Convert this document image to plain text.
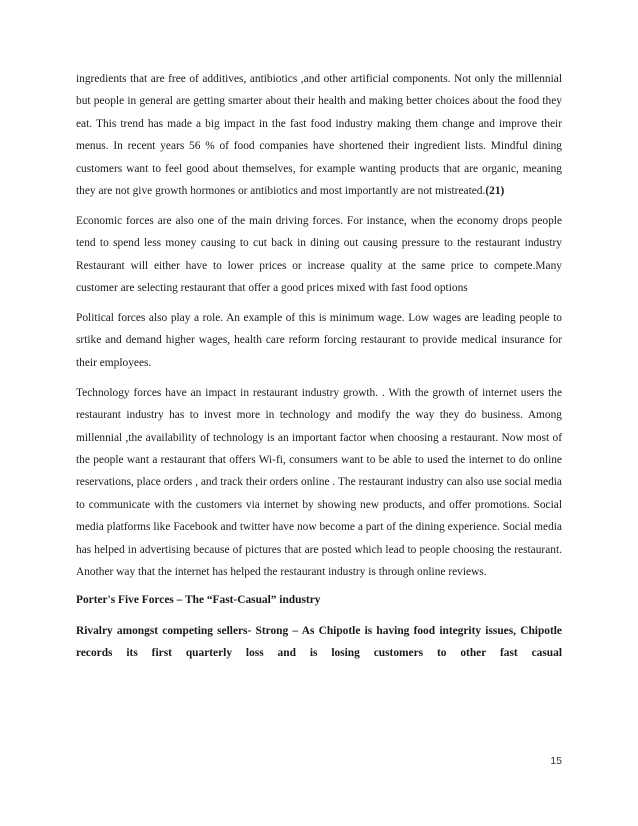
ingredients that are free of additives, antibiotics ,and other artificial components. Not only the millennial but people in general are getting smarter about their health and making better choices about the food they eat. This trend has made a big impact in the fast food industry making them change and improve their menus. In recent years 56 % of food companies have shortened their ingredient lists. Mindful dining customers want to feel good about themselves, for example wanting products that are organic, meaning they are not give growth hormones or antibiotics and most importantly are not mistreated.(21)

Economic forces are also one of the main driving forces. For instance, when the economy drops people tend to spend less money causing to cut back in dining out causing pressure to the restaurant industry Restaurant will either have to lower prices or increase quality at the same price to compete.Many customer are selecting restaurant that offer a good prices mixed with fast food options

Political forces also play a role. An example of this is minimum wage. Low wages are leading people to srtike and demand higher wages, health care reform forcing restaurant to provide medical insurance for their employees.

Technology forces have an impact in restaurant industry growth. . With the growth of internet users the restaurant industry has to invest more in technology and modify the way they do business. Among millennial ,the availability of technology is an important factor when choosing a restaurant. Now most of the people want a restaurant that offers Wi-fi, consumers want to be able to used the internet to do online reservations, place orders , and track their orders online . The restaurant industry can also use social media to communicate with the customers via internet by showing new products, and offer promotions. Social media platforms like Facebook and twitter have now become a part of the dining experience. Social media has helped in advertising because of pictures that are posted which lead to people choosing the restaurant. Another way that the internet has helped the restaurant industry is through online reviews.

Porter's Five Forces – The “Fast-Casual” industry

Rivalry amongst competing sellers- Strong – As Chipotle is having food integrity issues, Chipotle records its first quarterly loss and is losing customers to other fast casual

15
